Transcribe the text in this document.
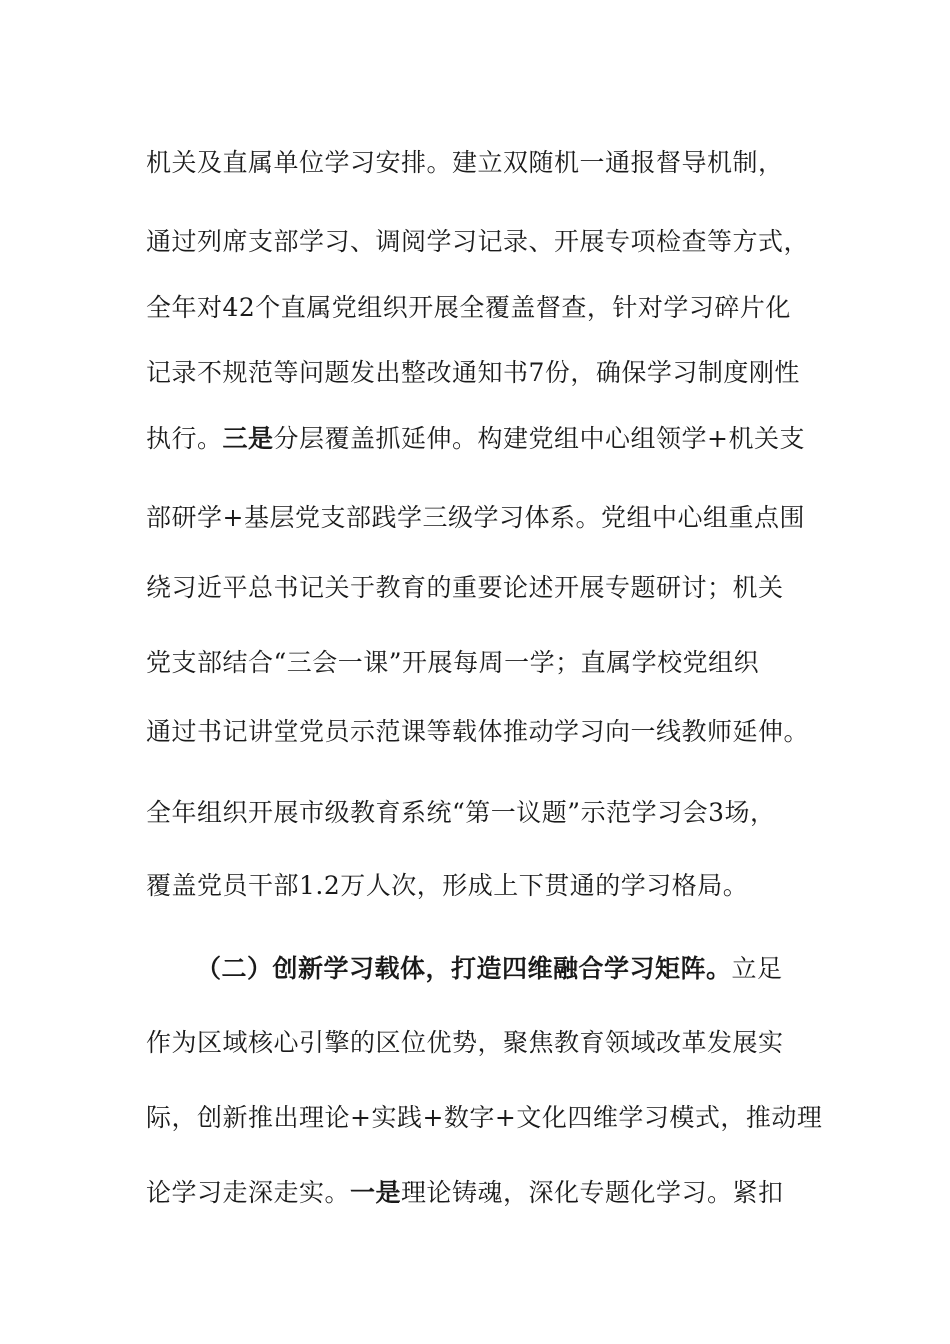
机关及直属单位学习安排。建立双随机一通报督导机制，
通过列席支部学习、调阅学习记录、开展专项检查等方式，
全年对42个直属党组织开展全覆盖督查，针对学习碎片化
记录不规范等问题发出整改通知书7份，确保学习制度刚性
执行。三是分层覆盖抓延伸。构建党组中心组领学+机关支
部研学+基层党支部践学三级学习体系。党组中心组重点围
绕习近平总书记关于教育的重要论述开展专题研讨；机关
党支部结合“三会一课”开展每周一学；直属学校党组织
通过书记讲堂党员示范课等载体推动学习向一线教师延伸。
全年组织开展市级教育系统“第一议题”示范学习会3场，
覆盖党员干部1.2万人次，形成上下贯通的学习格局。
（二）创新学习载体，打造四维融合学习矩阵。立足
作为区域核心引擎的区位优势，聚焦教育领域改革发展实
际，创新推出理论+实践+数字+文化四维学习模式，推动理
论学习走深走实。一是理论铸魂，深化专题化学习。紧扣
